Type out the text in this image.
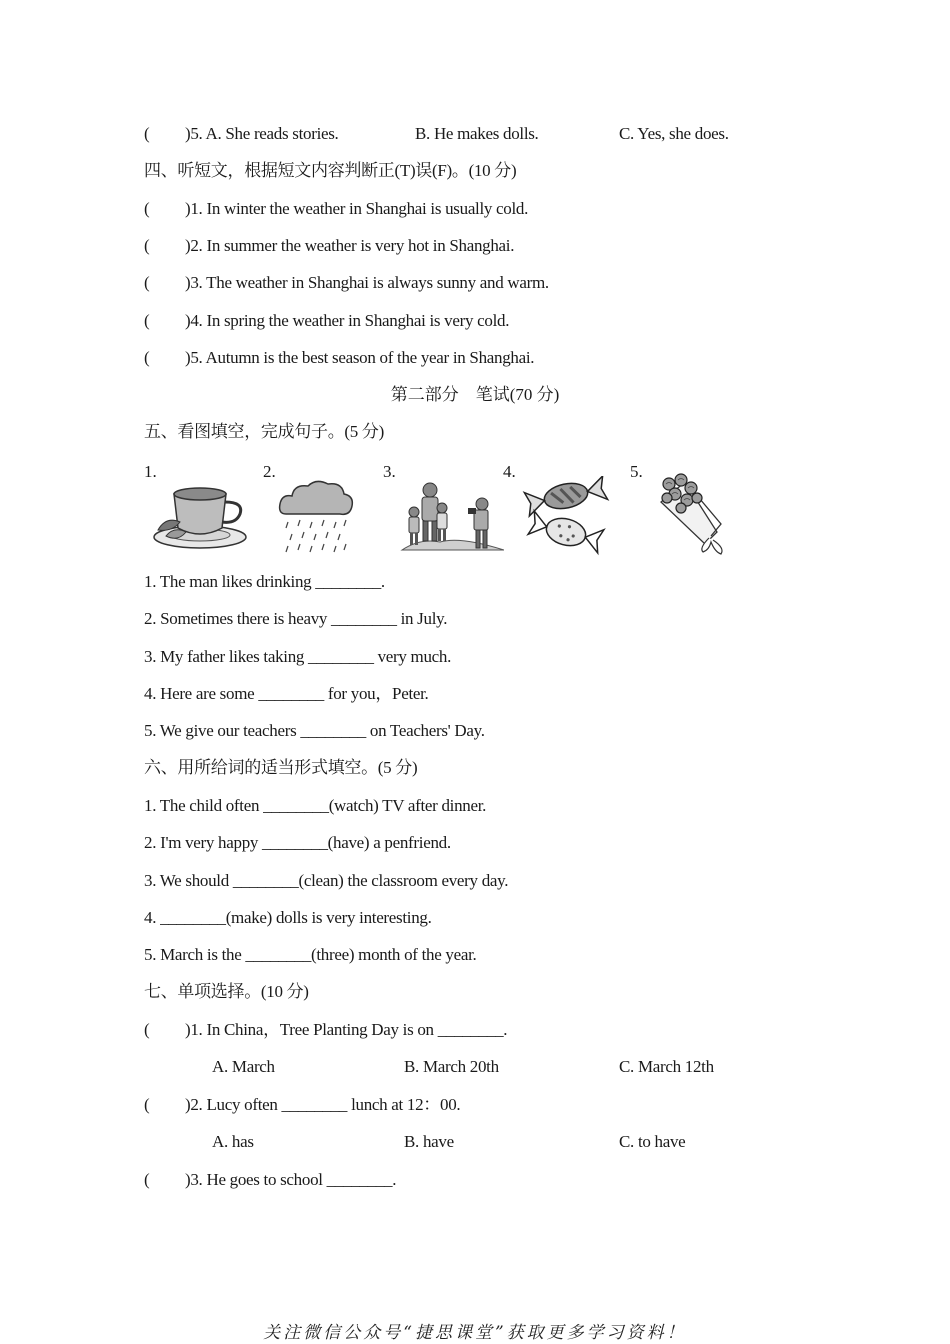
( )5. A. She reads stories.	B. He makes dolls.	C. Yes, she does.
四、听短文，根据短文内容判断正(T)误(F)。(10 分)
( )1. In winter the weather in Shanghai is usually cold.
( )2. In summer the weather is very hot in Shanghai.
( )3. The weather in Shanghai is always sunny and warm.
( )4. In spring the weather in Shanghai is very cold.
( )5. Autumn is the best season of the year in Shanghai.
第二部分　笔试(70 分)
五、看图填空，完成句子。(5 分)
1.	2.	3.	4.	5.
1. The man likes drinking ________.
2. Sometimes there is heavy ________ in July.
3. My father likes taking ________ very much.
4. Here are some ________ for you，Peter.
5. We give our teachers ________ on Teachers' Day.
六、用所给词的适当形式填空。(5 分)
1. The child often ________(watch) TV after dinner.
2. I'm very happy ________(have) a penfriend.
3. We should ________(clean) the classroom every day.
4. ________(make) dolls is very interesting.
5. March is the ________(three) month of the year.
七、单项选择。(10 分)
( )1. In China，Tree Planting Day is on ________.
A. March	B. March 20th	C. March 12th
( )2. Lucy often ________ lunch at 12：00.
A. has	B. have	C. to have
( )3. He goes to school ________.
关注微信公众号“捷思课堂”获取更多学习资料！
